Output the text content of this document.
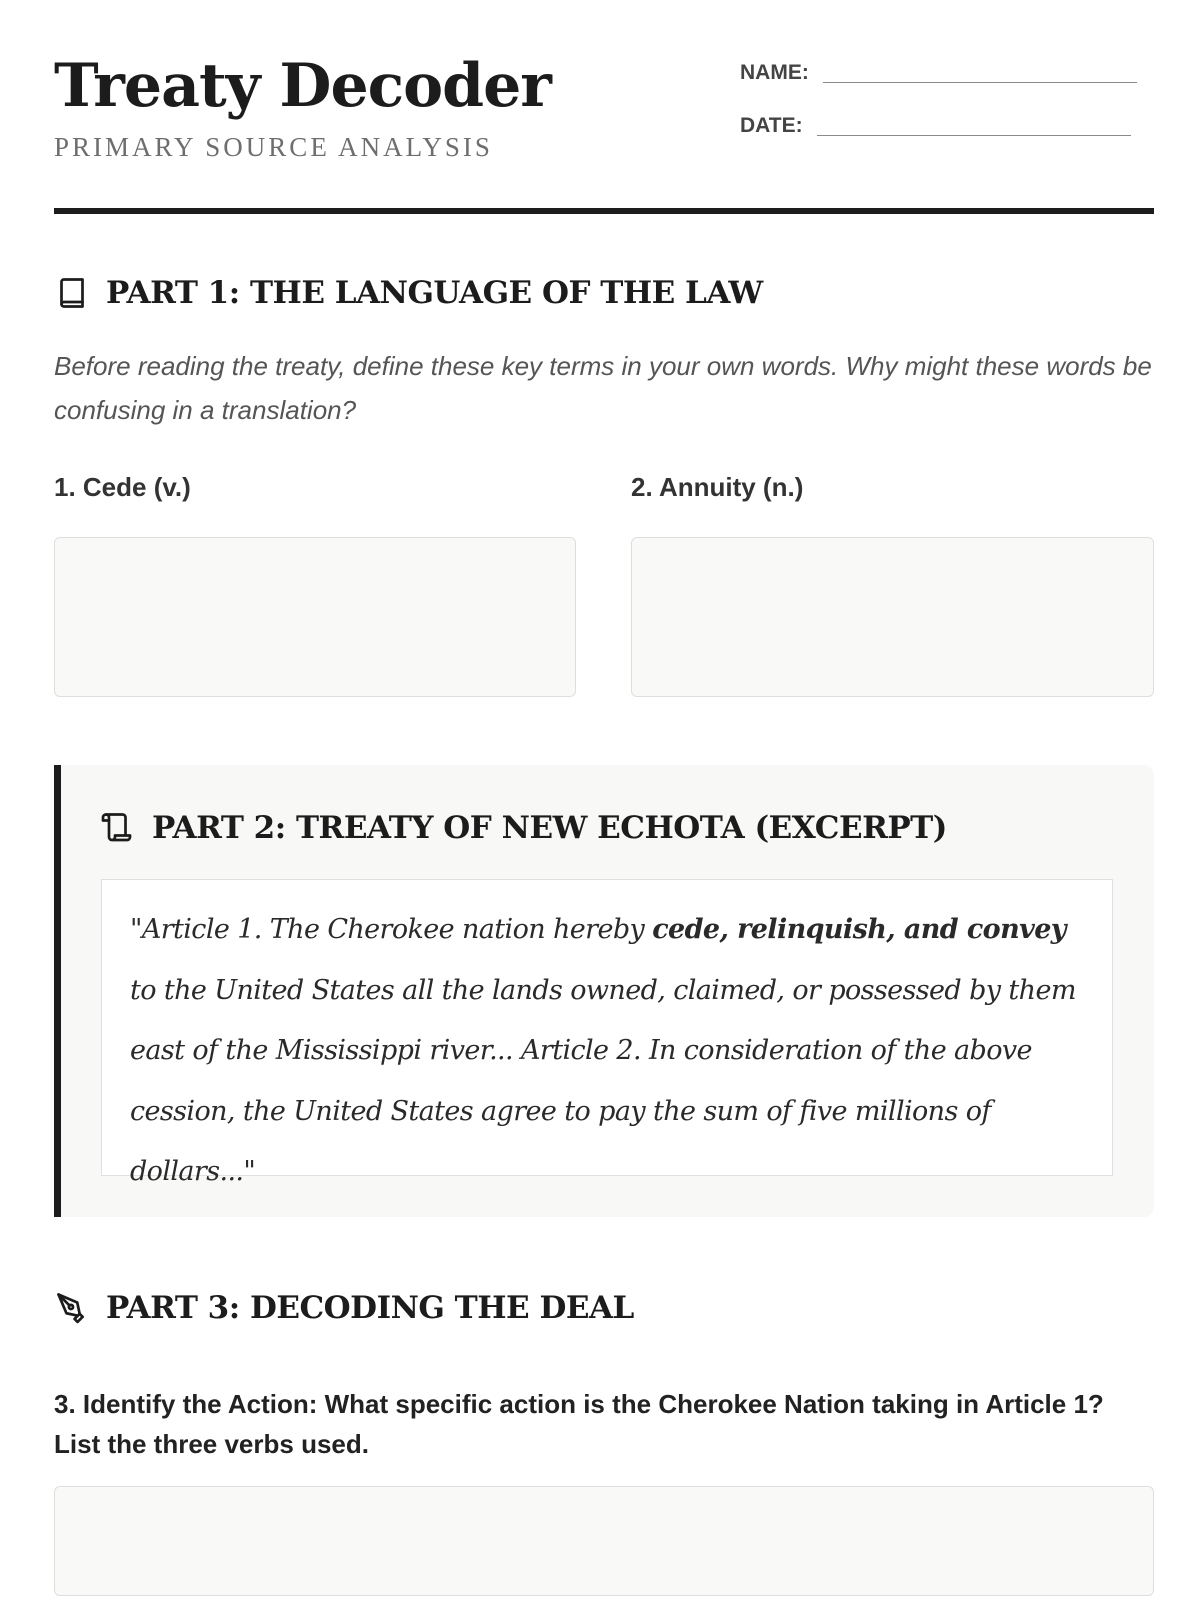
Treaty Decoder
PRIMARY SOURCE ANALYSIS
NAME:
DATE:
PART 1: THE LANGUAGE OF THE LAW

Before reading the treaty, define these key terms in your own words. Why might these words be confusing in a translation?

1. Cede (v.)	2. Annuity (n.)
PART 2: TREATY OF NEW ECHOTA (EXCERPT)

"Article 1. The Cherokee nation hereby cede, relinquish, and convey to the United States all the lands owned, claimed, or possessed by them east of the Mississippi river... Article 2. In consideration of the above cession, the United States agree to pay the sum of five millions of dollars..."

PART 3: DECODING THE DEAL

3. Identify the Action: What specific action is the Cherokee Nation taking in Article 1? List the three verbs used.
